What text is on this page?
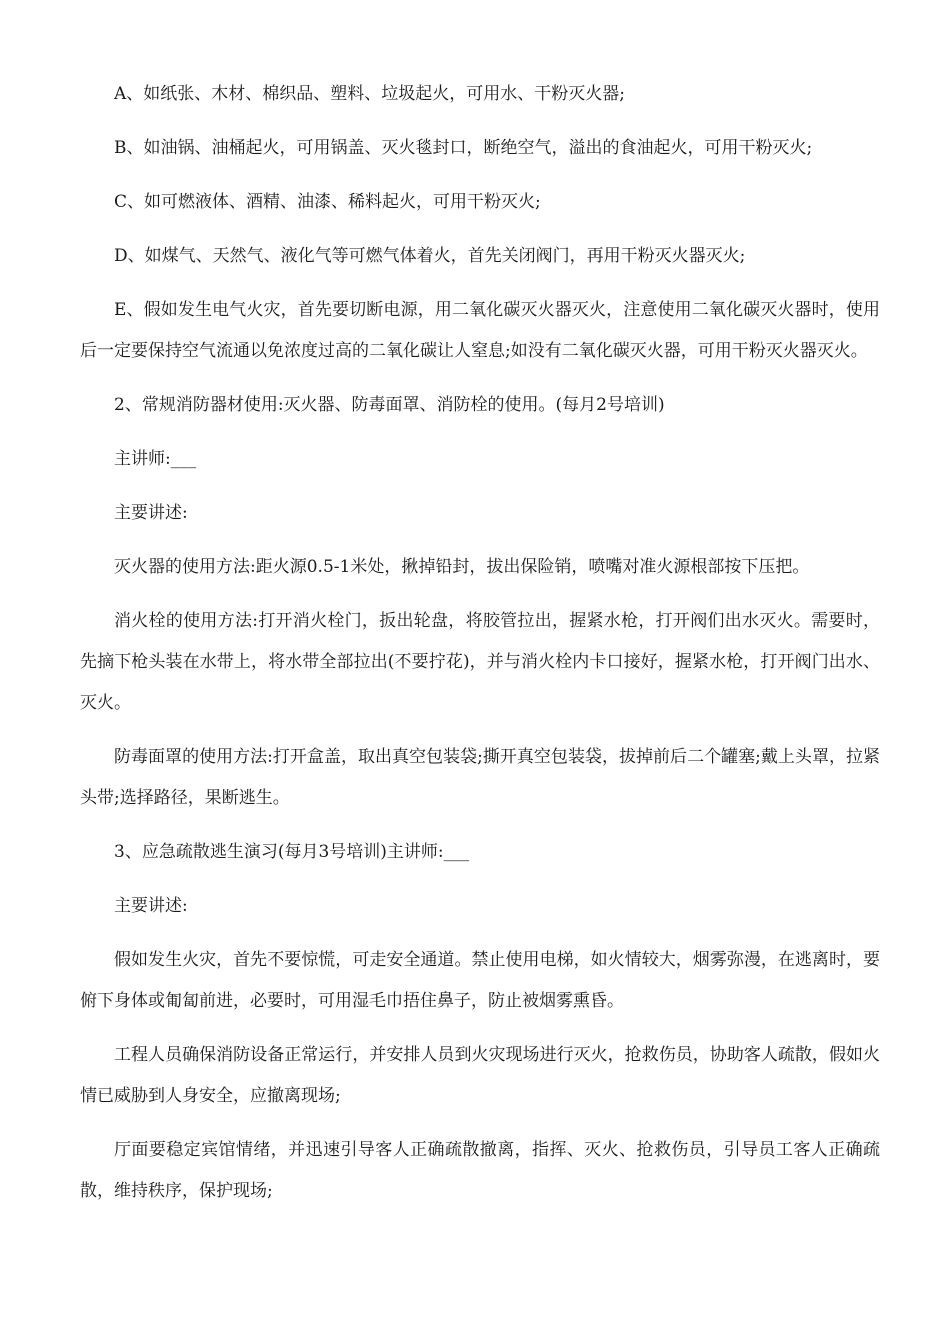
A、如纸张、木材、棉织品、塑料、垃圾起火，可用水、干粉灭火器;

B、如油锅、油桶起火，可用锅盖、灭火毯封口，断绝空气，溢出的食油起火，可用干粉灭火;

C、如可燃液体、酒精、油漆、稀料起火，可用干粉灭火;

D、如煤气、天然气、液化气等可燃气体着火，首先关闭阀门，再用干粉灭火器灭火;

E、假如发生电气火灾，首先要切断电源，用二氧化碳灭火器灭火，注意使用二氧化碳灭火器时，使用后一定要保持空气流通以免浓度过高的二氧化碳让人窒息;如没有二氧化碳灭火器，可用干粉灭火器灭火。

2、常规消防器材使用:灭火器、防毒面罩、消防栓的使用。(每月2号培训)

主讲师:___

主要讲述:

灭火器的使用方法:距火源0.5-1米处，揪掉铅封，拔出保险销，喷嘴对准火源根部按下压把。

消火栓的使用方法:打开消火栓门，扳出轮盘，将胶管拉出，握紧水枪，打开阀们出水灭火。需要时，先摘下枪头装在水带上，将水带全部拉出(不要拧花)，并与消火栓内卡口接好，握紧水枪，打开阀门出水、灭火。

防毒面罩的使用方法:打开盒盖，取出真空包装袋;撕开真空包装袋，拔掉前后二个罐塞;戴上头罩，拉紧头带;选择路径，果断逃生。

3、应急疏散逃生演习(每月3号培训)主讲师:___

主要讲述:

假如发生火灾，首先不要惊慌，可走安全通道。禁止使用电梯，如火情较大，烟雾弥漫，在逃离时，要俯下身体或匍匐前进，必要时，可用湿毛巾捂住鼻子，防止被烟雾熏昏。

工程人员确保消防设备正常运行，并安排人员到火灾现场进行灭火，抢救伤员，协助客人疏散，假如火情已威胁到人身安全，应撤离现场;

厅面要稳定宾馆情绪，并迅速引导客人正确疏散撤离，指挥、灭火、抢救伤员，引导员工客人正确疏散，维持秩序，保护现场;
